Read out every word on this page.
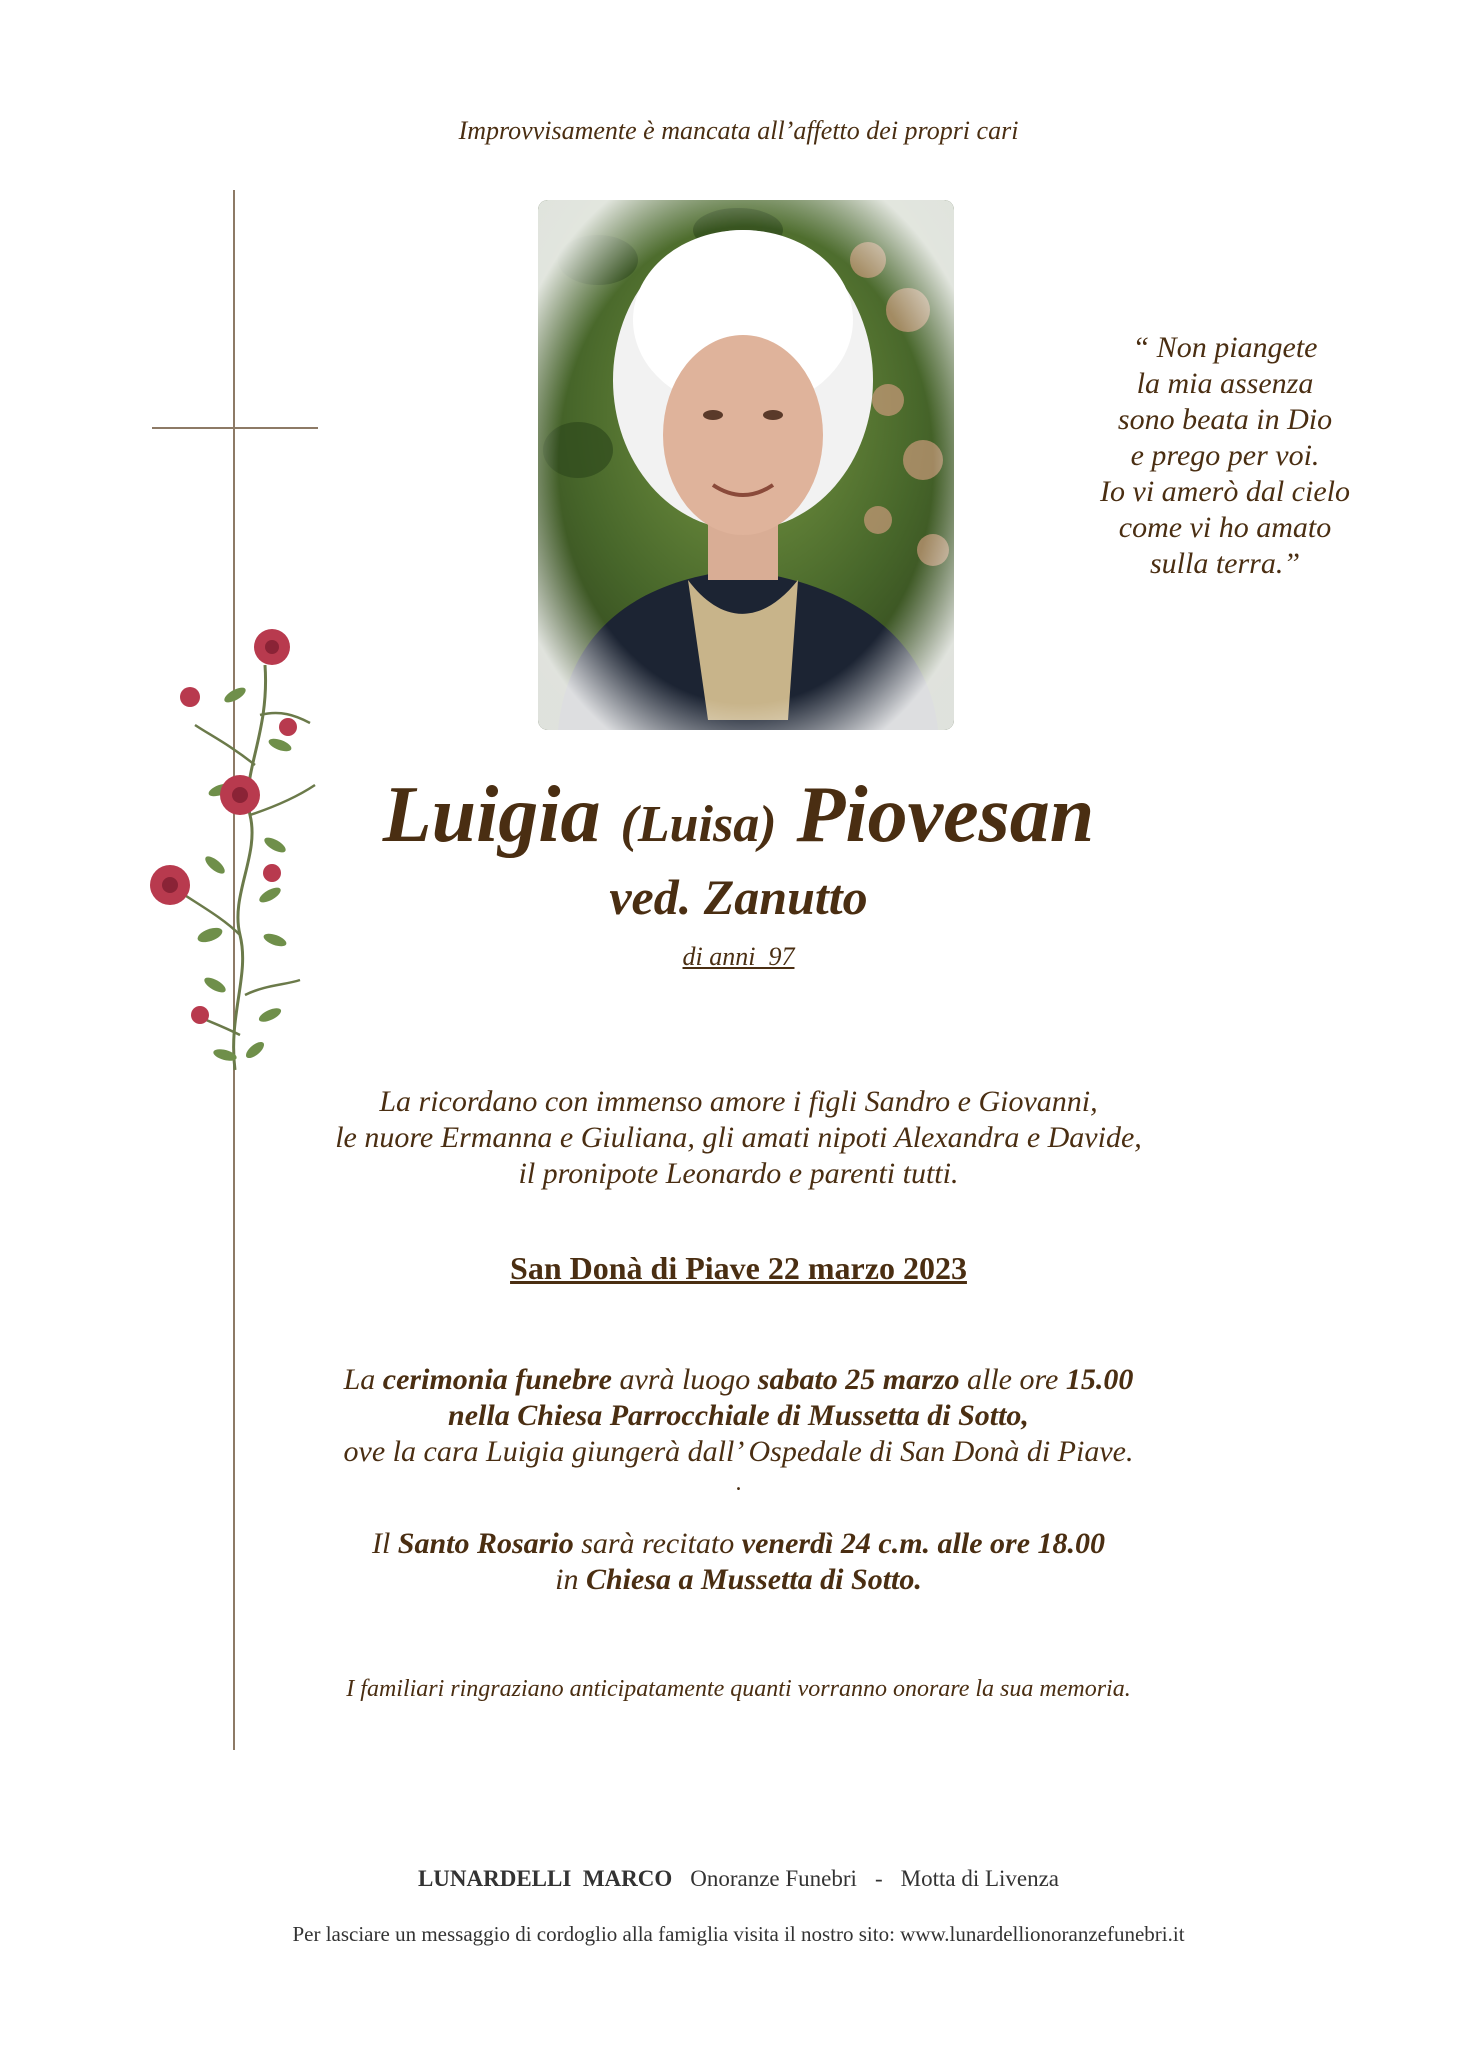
Improvvisamente è mancata all’affetto dei propri cari
“ Non piangete
la mia assenza
sono beata in Dio
e prego per voi.
Io vi amerò dal cielo
come vi ho amato
sulla terra.”
Luigia (Luisa) Piovesan
ved. Zanutto
di anni  97
La ricordano con immenso amore i figli Sandro e Giovanni,
le nuore Ermanna e Giuliana, gli amati nipoti Alexandra e Davide,
il pronipote Leonardo e parenti tutti.
San Donà di Piave 22 marzo 2023
La cerimonia funebre avrà luogo sabato 25 marzo alle ore 15.00
nella Chiesa Parrocchiale di Mussetta di Sotto,
ove la cara Luigia giungerà dall’ Ospedale di San Donà di Piave.
.
Il Santo Rosario sarà recitato venerdì 24 c.m. alle ore 18.00
in Chiesa a Mussetta di Sotto.
I familiari ringraziano anticipatamente quanti vorranno onorare la sua memoria.
LUNARDELLI  MARCO Onoranze Funebri - Motta di Livenza
Per lasciare un messaggio di cordoglio alla famiglia visita il nostro sito: www.lunardellionoranzefunebri.it
